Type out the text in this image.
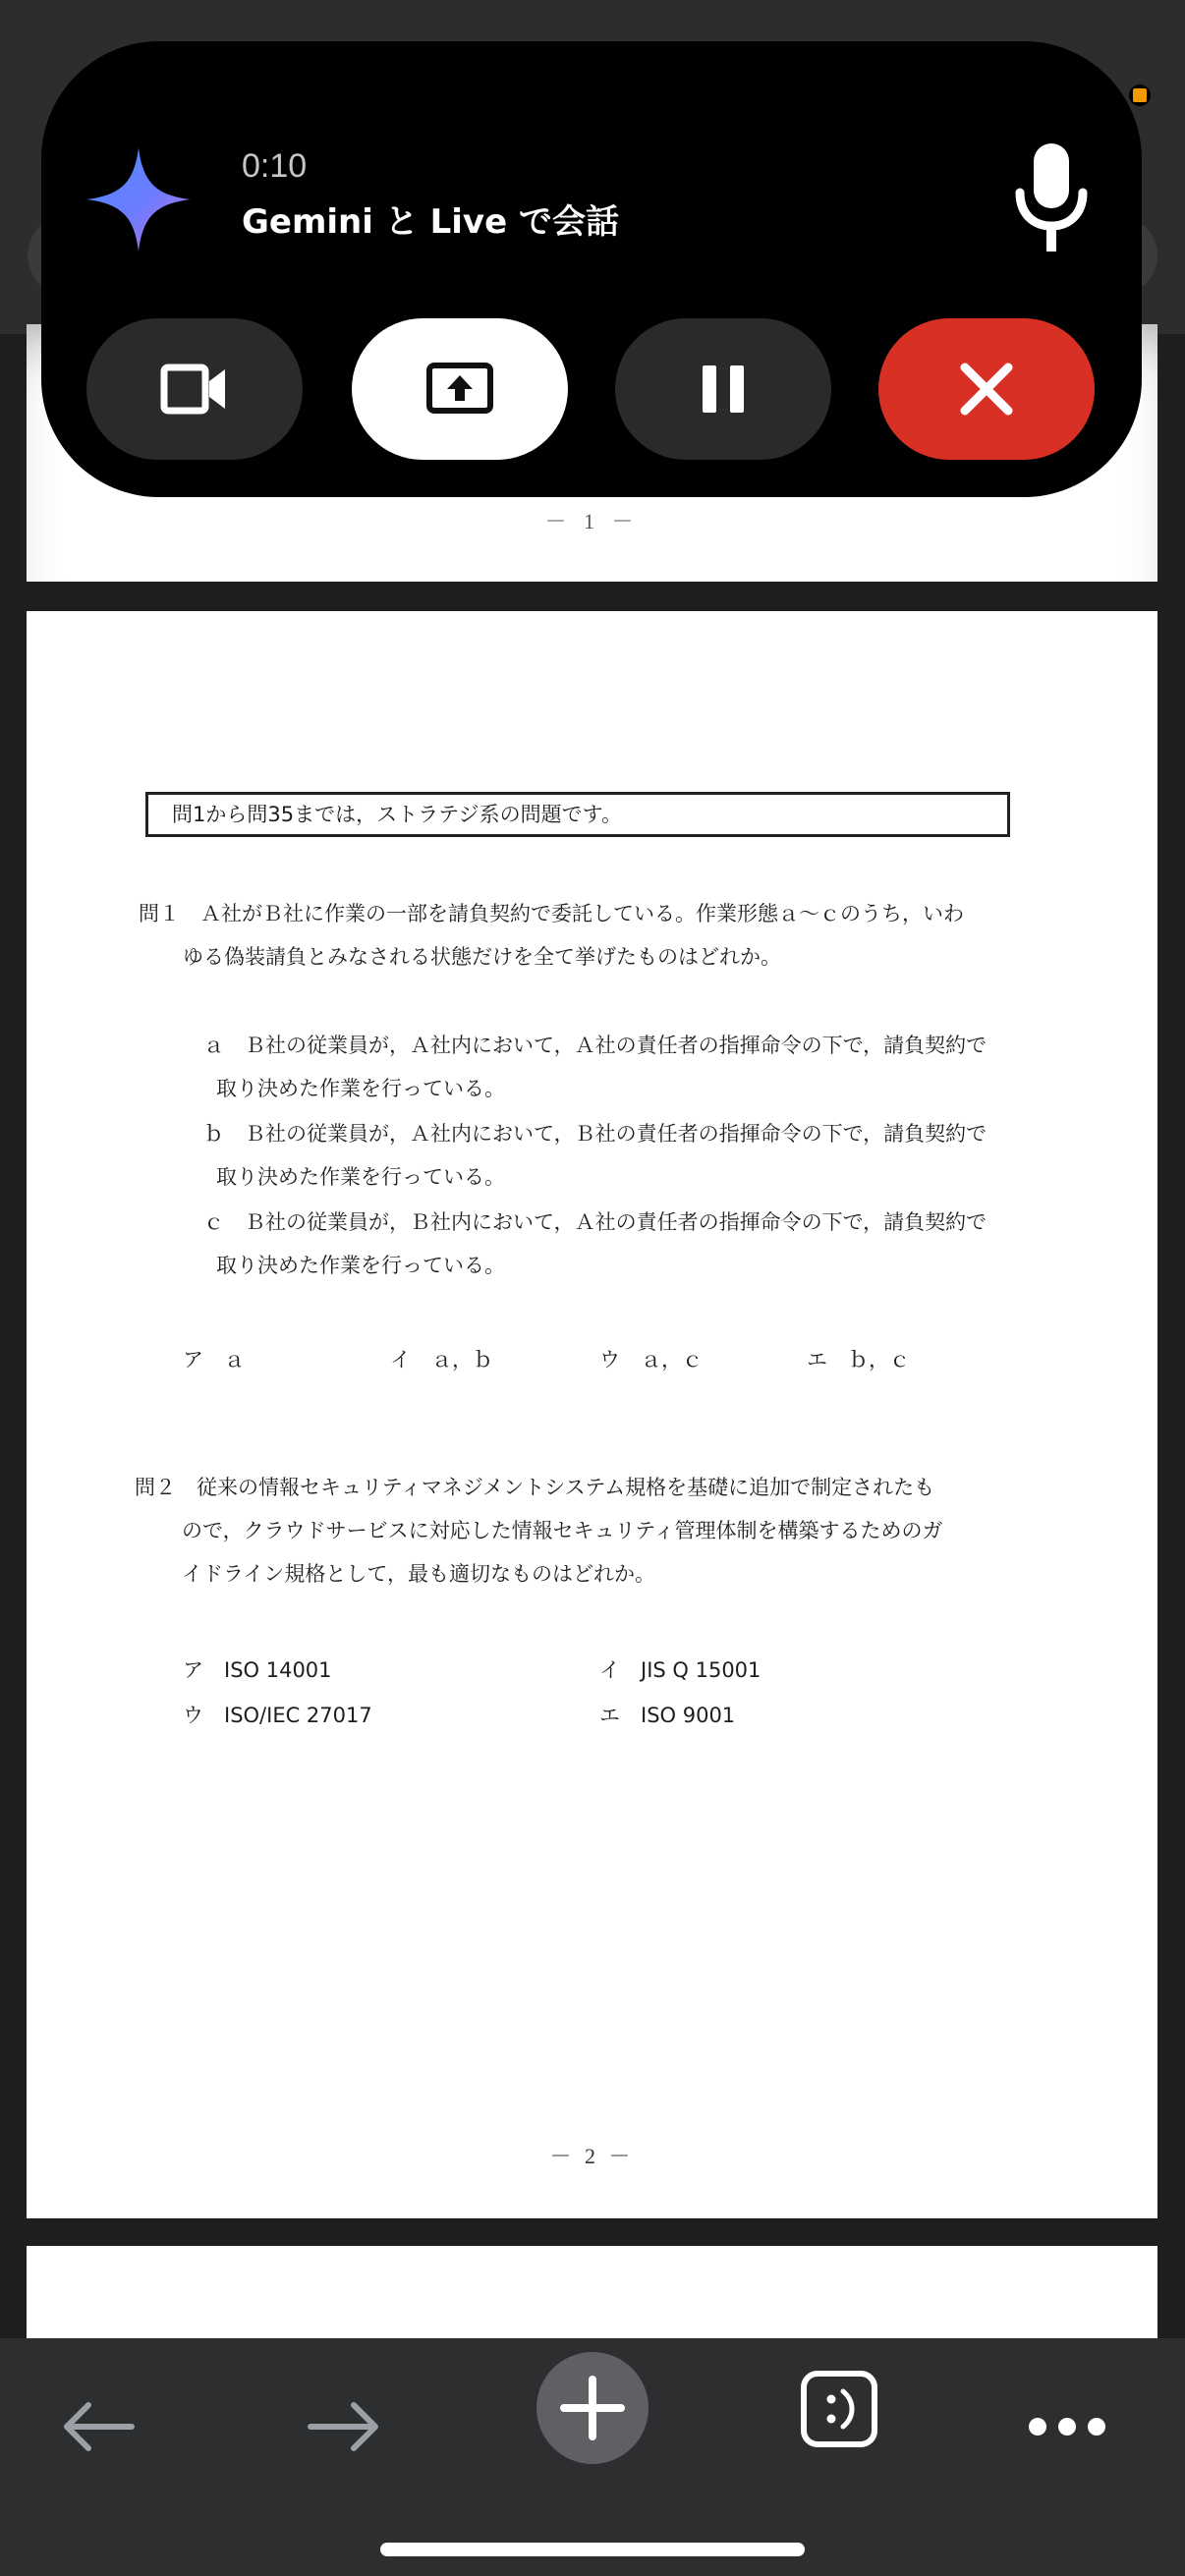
－ 1 －
問1から問35までは，ストラテジ系の問題です。
問１　Ａ社がＢ社に作業の一部を請負契約で委託している。作業形態ａ～ｃのうち，いわ
ゆる偽装請負とみなされる状態だけを全て挙げたものはどれか。
ａ　Ｂ社の従業員が，Ａ社内において，Ａ社の責任者の指揮命令の下で，請負契約で
取り決めた作業を行っている。
ｂ　Ｂ社の従業員が，Ａ社内において，Ｂ社の責任者の指揮命令の下で，請負契約で
取り決めた作業を行っている。
ｃ　Ｂ社の従業員が，Ｂ社内において，Ａ社の責任者の指揮命令の下で，請負契約で
取り決めた作業を行っている。
ア　ａ	イ　ａ，ｂ	ウ　ａ，ｃ	エ　ｂ，ｃ
問２　従来の情報セキュリティマネジメントシステム規格を基礎に追加で制定されたも
ので，クラウドサービスに対応した情報セキュリティ管理体制を構築するためのガ
イドライン規格として，最も適切なものはどれか。
ア　ISO 14001	イ　JIS Q 15001
ウ　ISO/IEC 27017	エ　ISO 9001
－ 2 －
0:10
Gemini と Live で会話
